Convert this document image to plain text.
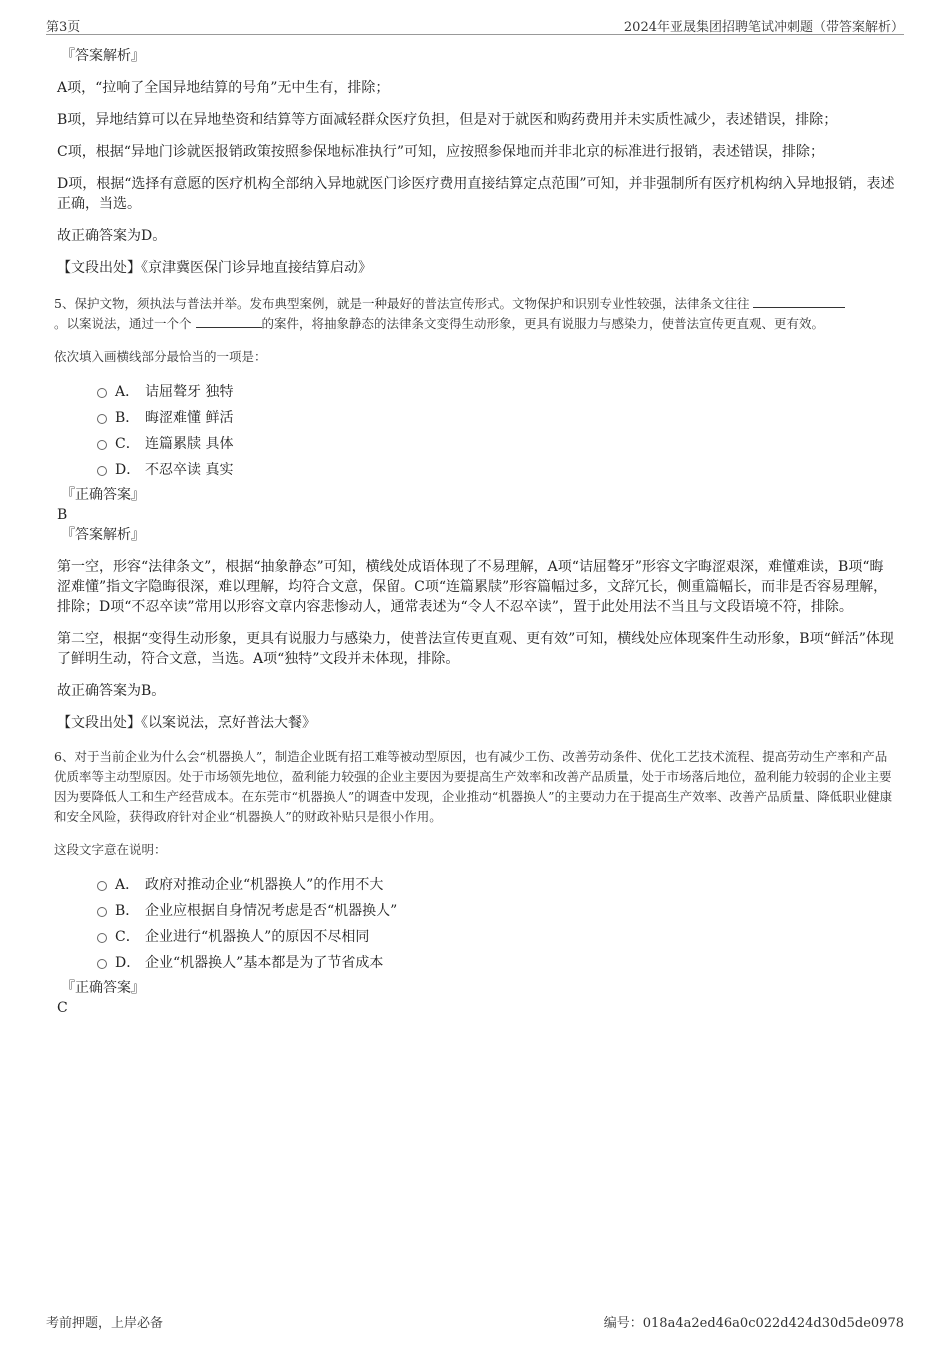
第3页	2024年亚晟集团招聘笔试冲刺题（带答案解析）

『答案解析』

A项，“拉响了全国异地结算的号角”无中生有，排除；

B项，异地结算可以在异地垫资和结算等方面减轻群众医疗负担，但是对于就医和购药费用并未实质性减少，表述错误，排除；

C项，根据“异地门诊就医报销政策按照参保地标准执行”可知，应按照参保地而并非北京的标准进行报销，表述错误，排除；

D项，根据“选择有意愿的医疗机构全部纳入异地就医门诊医疗费用直接结算定点范围”可知，并非强制所有医疗机构纳入异地报销，表述正确，当选。

故正确答案为D。

【文段出处】《京津冀医保门诊异地直接结算启动》

5、保护文物，须执法与普法并举。发布典型案例，就是一种最好的普法宣传形式。文物保护和识别专业性较强，法律条文往往
。以案说法，通过一个个	的案件，将抽象静态的法律条文变得生动形象，更具有说服力与感染力，使普法宣传更直观、更有效。

依次填入画横线部分最恰当的一项是：

A． 诘屈聱牙 独特
B． 晦涩难懂 鲜活
C． 连篇累牍 具体
D． 不忍卒读 真实

『正确答案』

B

『答案解析』

第一空，形容“法律条文”，根据“抽象静态”可知，横线处成语体现了不易理解，A项“诘屈聱牙”形容文字晦涩艰深，难懂难读，B项“晦涩难懂”指文字隐晦很深，难以理解，均符合文意，保留。C项“连篇累牍”形容篇幅过多，文辞冗长，侧重篇幅长，而非是否容易理解，排除；D项“不忍卒读”常用以形容文章内容悲惨动人，通常表述为“令人不忍卒读”，置于此处用法不当且与文段语境不符，排除。

第二空，根据“变得生动形象，更具有说服力与感染力，使普法宣传更直观、更有效”可知，横线处应体现案件生动形象，B项“鲜活”体现了鲜明生动，符合文意，当选。A项“独特”文段并未体现，排除。

故正确答案为B。

【文段出处】《以案说法，烹好普法大餐》

6、对于当前企业为什么会“机器换人”，制造企业既有招工难等被动型原因，也有减少工伤、改善劳动条件、优化工艺技术流程、提高劳动生产率和产品优质率等主动型原因。处于市场领先地位，盈利能力较强的企业主要因为要提高生产效率和改善产品质量，处于市场落后地位，盈利能力较弱的企业主要因为要降低人工和生产经营成本。在东莞市“机器换人”的调查中发现，企业推动“机器换人”的主要动力在于提高生产效率、改善产品质量、降低职业健康和安全风险，获得政府针对企业“机器换人”的财政补贴只是很小作用。

这段文字意在说明：

A． 政府对推动企业“机器换人”的作用不大
B． 企业应根据自身情况考虑是否“机器换人”
C． 企业进行“机器换人”的原因不尽相同
D． 企业“机器换人”基本都是为了节省成本

『正确答案』

C

考前押题，上岸必备	编号：018a4a2ed46a0c022d424d30d5de0978
